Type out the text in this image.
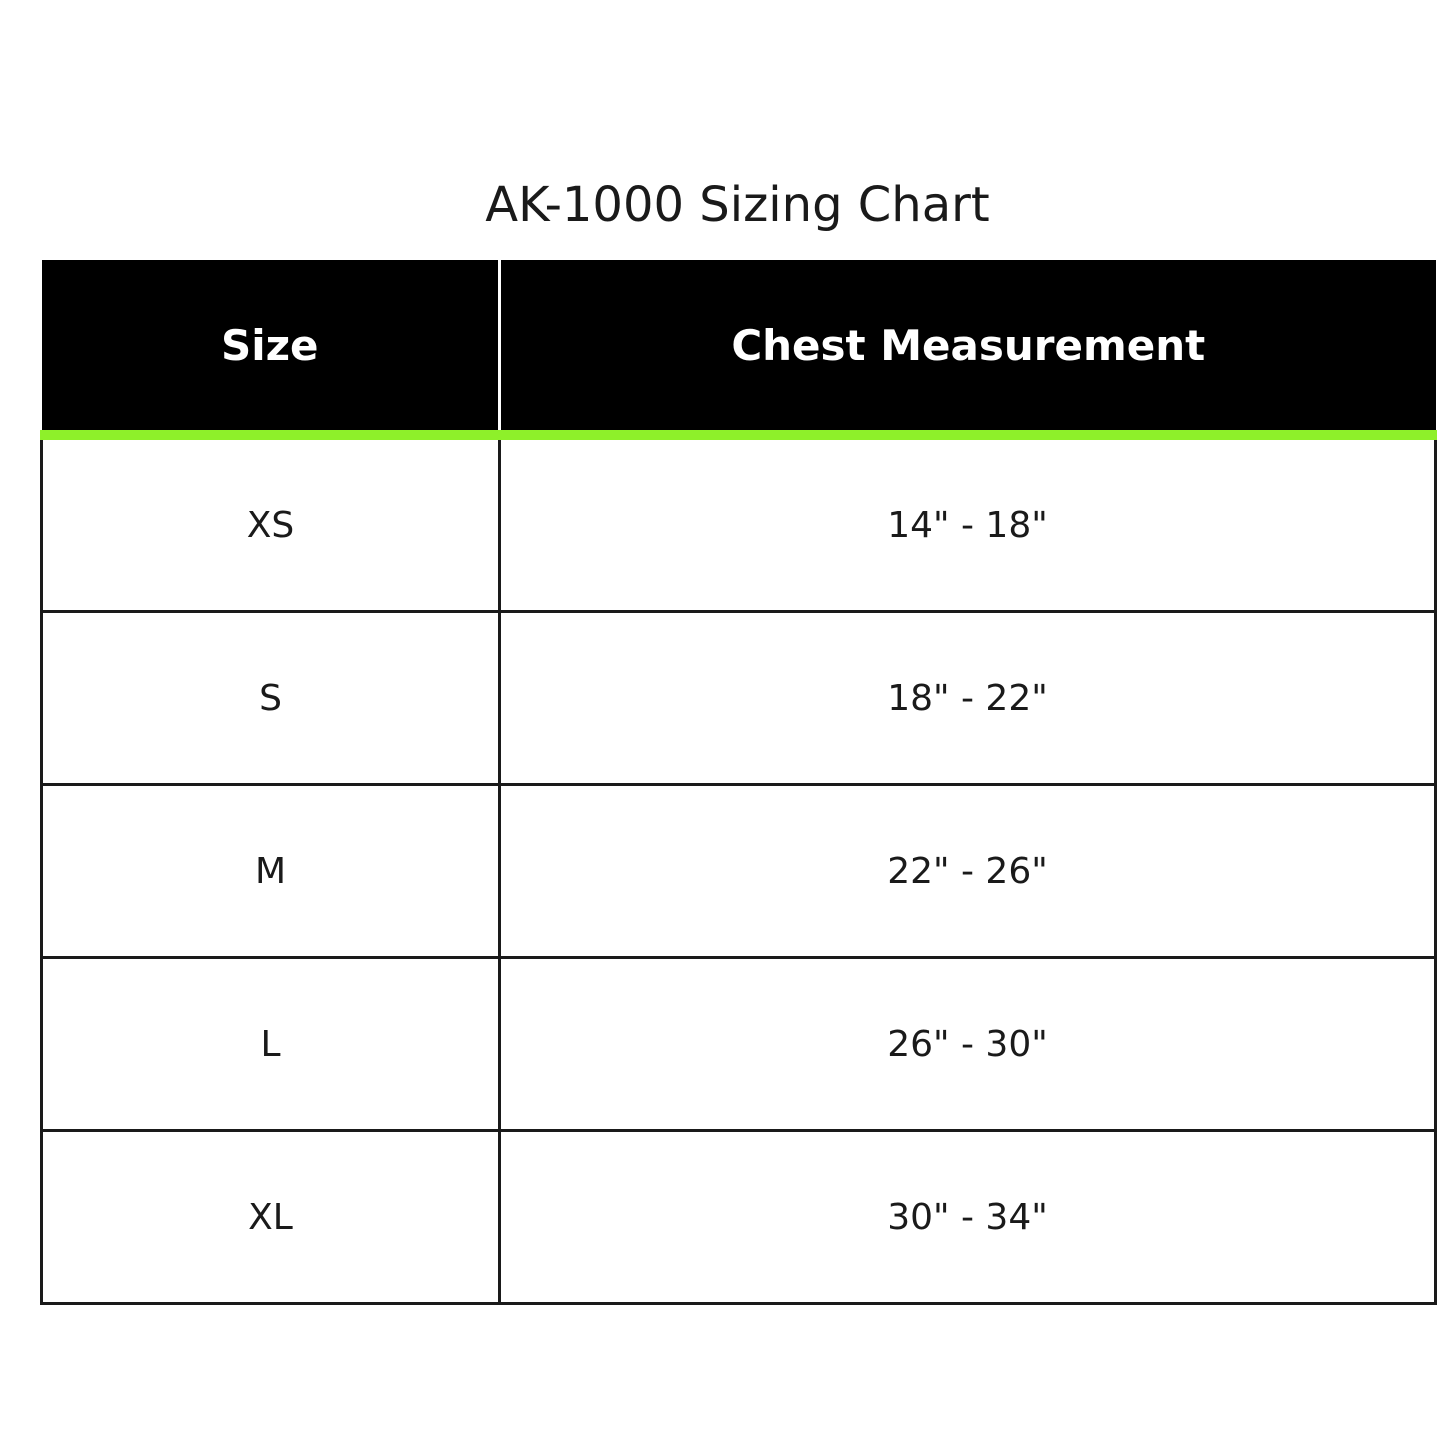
AK-1000 Sizing Chart
Size	Chest Measurement
XS	14" - 18"
S	18" - 22"
M	22" - 26"
L	26" - 30"
XL	30" - 34"
